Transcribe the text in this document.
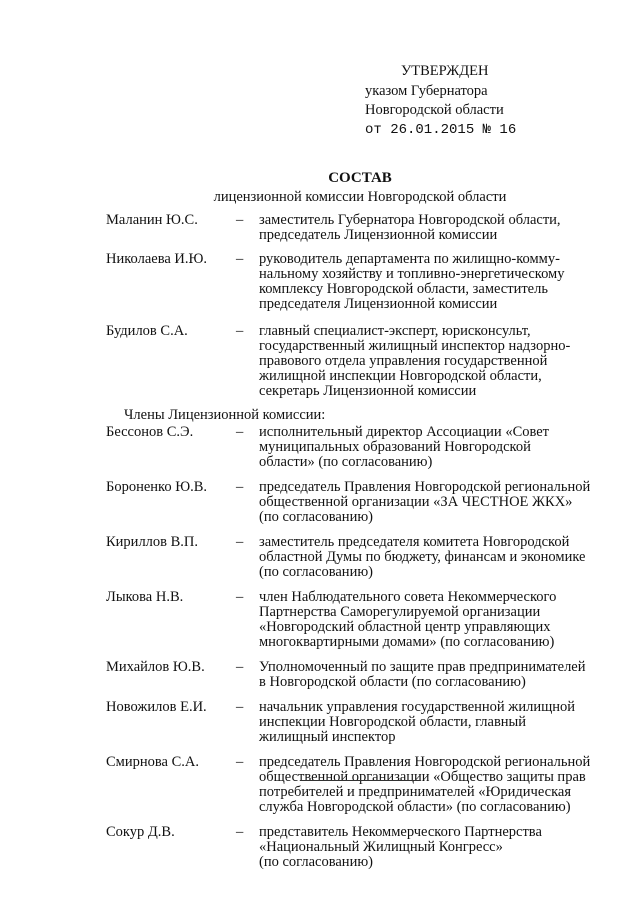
УТВЕРЖДЕН
указом Губернатора
Новгородской области
от 26.01.2015 № 16
СОСТАВ
лицензионной комиссии Новгородской области
Маланин Ю.С.	– заместитель Губернатора Новгородской области,
председатель Лицензионной комиссии
Николаева И.Ю. – руководитель департамента по жилищно-комму-
нальному хозяйству и топливно-энергетическому
комплексу Новгородской области, заместитель
председателя Лицензионной комиссии
Будилов С.А.	– главный специалист-эксперт, юрисконсульт,
государственный жилищный инспектор надзорно-
правового отдела управления государственной
жилищной инспекции Новгородской области,
секретарь Лицензионной комиссии
Члены Лицензионной комиссии:
Бессонов С.Э.	– исполнительный директор Ассоциации «Совет
муниципальных образований Новгородской
области» (по согласованию)
Бороненко Ю.В. – председатель Правления Новгородской региональной
общественной организации «ЗА ЧЕСТНОЕ ЖКХ»
(по согласованию)
Кириллов В.П.	– заместитель председателя комитета Новгородской
областной Думы по бюджету, финансам и экономике
(по согласованию)
Лыкова Н.В.	– член Наблюдательного совета Некоммерческого
Партнерства Саморегулируемой организации
«Новгородский областной центр управляющих
многоквартирными домами» (по согласованию)
Михайлов Ю.В. – Уполномоченный по защите прав предпринимателей
в Новгородской области (по согласованию)
Новожилов Е.И. – начальник управления государственной жилищной
инспекции Новгородской области, главный
жилищный инспектор
Смирнова С.А.	– председатель Правления Новгородской региональной
общественной организации «Общество защиты прав
потребителей и предпринимателей «Юридическая
служба Новгородской области» (по согласованию)
Сокур Д.В.	– представитель Некоммерческого Партнерства
«Национальный Жилищный Конгресс»
(по согласованию)
